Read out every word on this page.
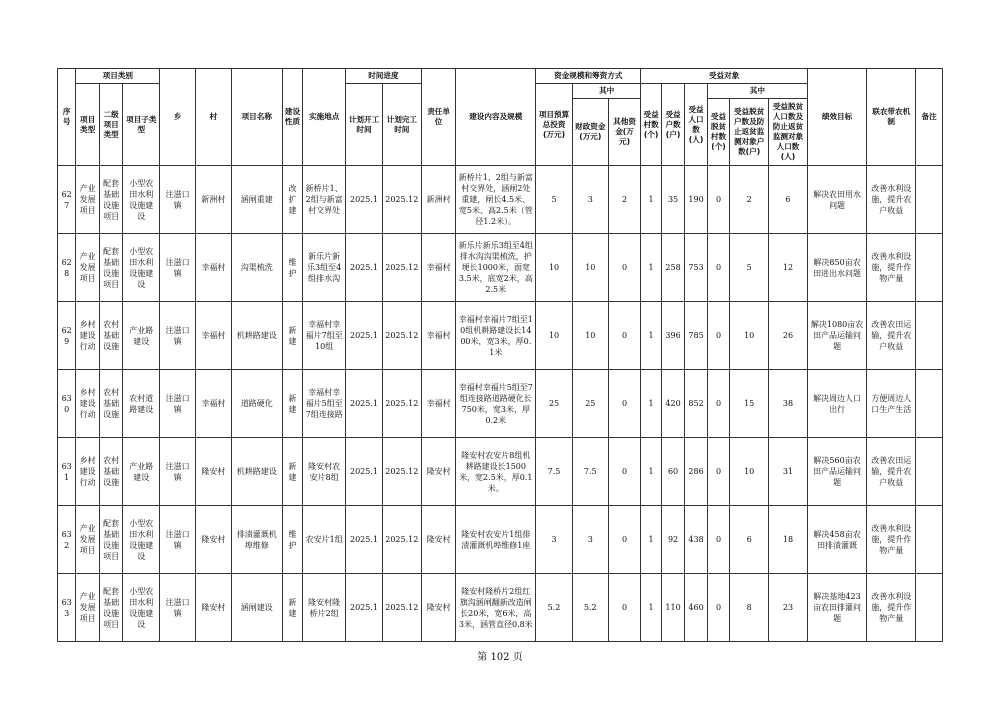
序号	项目类别			乡	村	项目名称	建设性质	实施地点	时间进度		责任单位	建设内容及规模	资金规模和筹资方式			受益对象						绩效目标	联农带农机制	备注
	项目类型	二级项目类型	项目子类型						计划开工时间	计划完工时间			项目预算总投资(万元)	其中		受益村数(个)	受益户数(户)	受益人口数(人)	其中					
														财政资金(万元)	其他资金(万元)				受益脱贫村数(个)	受益脱贫户数及防止返贫监测对象户数(户)	受益脱贫人口数及防止返贫监测对象人口数(人)			
627	产业发展项目	配套基础设施项目	小型农田水利设施建设	注滋口镇	新洲村	涵闸重建	改扩建	新桥片1、2组与新富村交界处	2025.1	2025.12	新洲村	新桥片1、2组与新富村交界处，涵闸2处重建，闸长4.5米、宽5米、高2.5米（管径1.2米）。	5	3	2	1	35	190	0	2	6	解决农田用水问题	改善水利设施，提升农户收益	
628	产业发展项目	配套基础设施项目	小型农田水利设施建设	注滋口镇	幸福村	沟渠梳洗	维护	新乐片新乐3组至4组排水沟	2025.1	2025.12	幸福村	新乐片新乐3组至4组排水沟沟渠梳洗，护埂长1000米，面宽3.5米，底宽2米，高2.5米	10	10	0	1	258	753	0	5	12	解决850亩农田进出水问题	改善水利设施，提升作物产量	
629	乡村建设行动	农村基础设施	产业路建设	注滋口镇	幸福村	机耕路建设	新建	幸福村幸福片7组至10组	2025.1	2025.12	幸福村	幸福村幸福片7组至10组机耕路建设长1400米，宽3米，厚0.1米	10	10	0	1	396	785	0	10	26	解决1080亩农田产品运输问题	改善农田运输，提升农户收益	
630	乡村建设行动	农村基础设施	农村道路建设	注滋口镇	幸福村	道路硬化	新建	幸福村幸福片5组至7组连接路	2025.1	2025.12	幸福村	幸福村幸福片5组至7组连接路道路硬化长750米，宽3米，厚0.2米	25	25	0	1	420	852	0	15	38	解决周边人口出行	方便周边人口生产生活	
631	乡村建设行动	农村基础设施	产业路建设	注滋口镇	隆安村	机耕路建设	新建	隆安村农安片8组	2025.1	2025.12	隆安村	隆安村农安片8组机耕路建设长1500米，宽2.5米，厚0.1米。	7.5	7.5	0	1	60	286	0	10	31	解决560亩农田产品运输问题	改善农田运输，提升农户收益	
632	产业发展项目	配套基础设施项目	小型农田水利设施建设	注滋口镇	隆安村	排渍灌溉机埠维修	维护	农安片1组	2025.1	2025.12	隆安村	隆安村农安片1组排渍灌溉机埠维修1座	3	3	0	1	92	438	0	6	18	解决458亩农田排渍灌溉	改善水利设施，提升作物产量	
633	产业发展项目	配套基础设施项目	小型农田水利设施建设	注滋口镇	隆安村	涵闸建设	新建	隆安村隆桥片2组	2025.1	2025.12	隆安村	隆安村隆桥片2组红旗沟涵闸翻新改造闸长20米，宽6米，高3米，涵管直径0.8米	5.2	5.2	0	1	110	460	0	8	23	解决基地423亩农田排灌问题	改善水利设施，提升作物产量	
第 102 页
